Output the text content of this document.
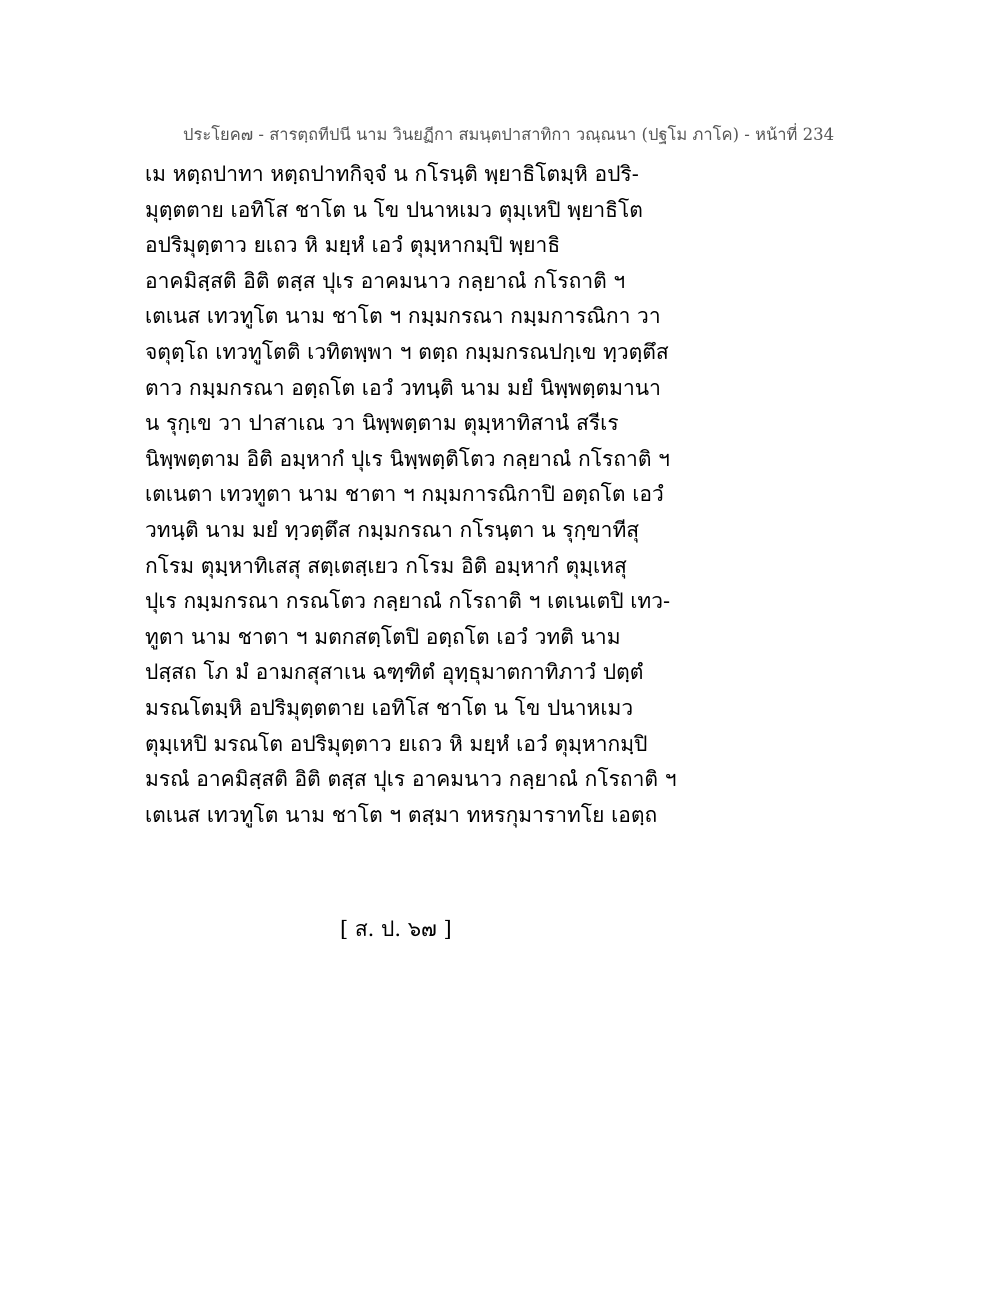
ประโยค๗ - สารตฺถทีปนี นาม วินยฏีกา สมนฺตปาสาทิกา วณฺณนา (ปฐโม ภาโค) - หน้าที่ 234
เม หตฺถปาทา หตฺถปาทกิจฺจํ น กโรนฺติ พฺยาธิโตมฺหิ อปริ-
มุตฺตตาย เอทิโส ชาโต น โข ปนาหเมว ตุมฺเหปิ พฺยาธิโต
อปริมุตฺตาว ยเถว หิ มยฺหํ เอวํ ตุมฺหากมฺปิ พฺยาธิ
อาคมิสฺสติ อิติ ตสฺส ปุเร อาคมนาว กลฺยาณํ กโรถาติ ฯ
เตเนส เทวทูโต นาม ชาโต ฯ กมฺมกรณา กมฺมการณิกา วา
จตุตฺโถ เทวทูโตติ เวทิตพฺพา ฯ ตตฺถ กมฺมกรณปกฺเข ทฺวตฺตึส
ตาว กมฺมกรณา อตฺถโต เอวํ วทนฺติ นาม มยํ นิพฺพตฺตมานา
น รุกฺเข วา ปาสาเณ วา นิพฺพตฺตาม ตุมฺหาทิสานํ สรีเร
นิพฺพตฺตาม อิติ อมฺหากํ ปุเร นิพฺพตฺติโตว กลฺยาณํ กโรถาติ ฯ
เตเนตา เทวทูตา นาม ชาตา ฯ กมฺมการณิกาปิ อตฺถโต เอวํ
วทนฺติ นาม มยํ ทฺวตฺตึส กมฺมกรณา กโรนฺตา น รุกฺขาทีสุ
กโรม ตุมฺหาทิเสสุ สตฺเตสฺเยว กโรม อิติ อมฺหากํ ตุมฺเหสุ
ปุเร กมฺมกรณา กรณโตว กลฺยาณํ กโรถาติ ฯ เตเนเตปิ เทว-
ทูตา นาม ชาตา ฯ มตกสตฺโตปิ อตฺถโต เอวํ วทติ นาม
ปสฺสถ โภ มํ อามกสุสาเน ฉฑฺฑิตํ อุทฺธุมาตกาทิภาวํ ปตฺตํ
มรณโตมฺหิ อปริมุตฺตตาย เอทิโส ชาโต น โข ปนาหเมว
ตุมฺเหปิ มรณโต อปริมุตฺตาว ยเถว หิ มยฺหํ เอวํ ตุมฺหากมฺปิ
มรณํ อาคมิสฺสติ อิติ ตสฺส ปุเร อาคมนาว กลฺยาณํ กโรถาติ ฯ
เตเนส เทวทูโต นาม ชาโต ฯ ตสฺมา ทหรกุมาราทโย เอตฺถ
[ ส. ป. ๖๗ ]
